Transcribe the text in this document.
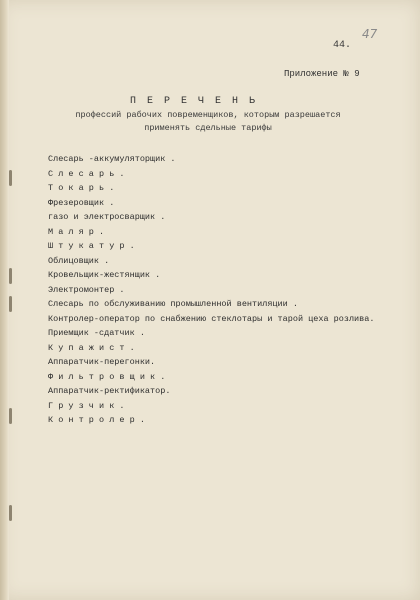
44.
47
Приложение № 9
П Е Р Е Ч Е Н Ь
профессий рабочих повременщиков, которым разрешается
применять сдельные тарифы
Слесарь -аккумуляторщик .
С л е с а р ь .
Т о к а р ь .
Фрезеровщик .
газо и электросварщик .
М а л я р .
Ш т у к а т у р .
Облицовщик .
Кровельщик-жестянщик .
Электромонтер .
Слесарь по обслуживанию промышленной вентиляции .
Контролер-оператор по снабжению стеклотары и тарой цеха розлива.
Приемщик -сдатчик .
К у п а ж и с т .
Аппаратчик-перегонки.
Ф и л ь т р о в щ и к .
Аппаратчик-ректификатор.
Г р у з ч и к .
К о н т р о л е р .
